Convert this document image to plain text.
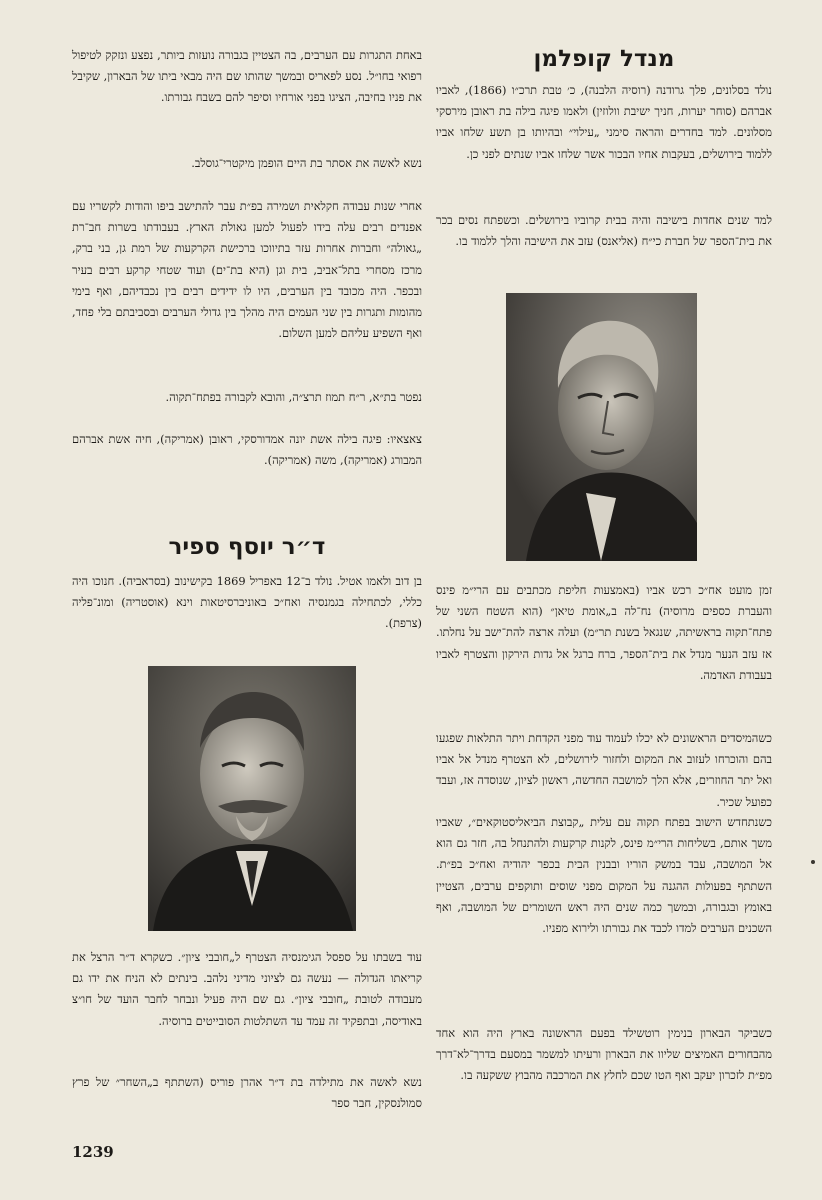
מנדל קופלמן

נולד בסלונים, פלך גרודנה (רוסיה הלבנה), כ׳ טבת תרכ״ו (1866), לאביו אברהם (סוחר יערות, חניך ישיבת וולוזין) ולאמו פיגה בילה בת ראובן מירסקי מסלונים. למד בחדרים והראה סימני „עילוי״ ובהיותו בן תשע שלחו אביו ללמוד בירושלים, בעקבות אחיו הבכור אשר שלחו אביו שנתים לפני כן.

למד שנים אחדות בישיבה והיה בבית קרוביו בירושלים. וכשפתח נסים בכר את בית־הספר של חברת כי״ח (אליאנס) עזב את הישיבה והלך ללמוד בו.

זמן מועט אח״כ רכש אביו (באמצעות חליפת מכתבים עם הרי״מ פינס והעברת כספים מרוסיה) נח־לה ב„אומת טיאן״ (הוא השטח השני של פתח־תקוה בראשיתה, שנגאל בשנת תר״מ) ועלה ארצה להת־ישב על נחלתו. אז עזב הנער מנדל את בית־הספר, ברח ברגל אל גדות הירקון והצטרף לאביו בעבודת האדמה.

כשהמיסדים הראשונים לא יכלו לעמוד עוד מפני הקדחת ויתר התלאות שפגעו בהם והוכרחו לעזוב את המקום ולחזור לירושלים, לא הצטרף מנדל אל אביו ואל יתר החוזרים, אלא הלך למושבה החדשה, ראשון לציון, שנוסדה אז, ועבד כפועל שכיר.

כשנתחדש הישוב בפתח תקוה עם עלית „קבוצת הביאליסטוקאים״, שאביו משך אותם, בשליחות הרי״מ פינס, לקנות קרקעות ולהתנחל בה, חזר גם הוא אל המושבה, עבד במשק הוריו ובבנין הבית בכפר יהודיה ואח״כ בפ״ת. השתתף בפעולות ההגנה על המקום מפני שוסים ותוקפים ערבים, הצטיין באומץ ובגבורה, ובמשך כמה שנים היה ראש השומרים של המושבה, ואף השכנים הערבים למדו לכבד את גבורתו ולירוא מפניו.

כשביקר הבארון בנימין רוטשילד בפעם הראשונה בארץ היה הוא אחד מהבחורים האמיצים שליוו את הבארון ורעיתו למשמר במסעם בדרך־לא־דרך מפ״ת לזכרון יעקב ואף הטו שכם לחלץ את המרכבה מהבוץ ששקעה בו.

באחת התגרות עם הערבים, בה הצטיין בגבורה נועזות ביותר, נפצע ונזקק לטיפול רפואי בחו״ל. נסע לפאריס ובמשך שהותו שם היה מבאי ביתו של הבארון, שקיבל את פניו בחיבה, הציגו בפני אורחיו וסיפר להם בשבח גבורתו.

נשא לאשה את אסתר בת היים הופמן מיקטרי־גוסלב.

אחרי שנות עבודה חקלאית ושמירה בפ״ת עבר להתישב ביפו והודות לקשריו עם אפנדים רבים עלה בידו לפעול למען גאולת הארץ. בעבודתו בשרות חב־רת „גאולה״ וחברות אחרות עזר בתיווכו ברכישת הקרקעות של רמת גן, בני ברק, מרכז מסחרי בתל־אביב, בית וגן (היא בת־ים) ועוד שטחי קרקע רבים בעיר ובכפר. היה מכובד בין הערבים, היו לו ידידים רבים בין נכבדיהם, ואף בימי מהומות ותגרות בין שני העמים היה מהלך בין גדולי הערבים ובסביבתם בלי פחד, ואף השפיע עליהם למען השלום.

נפטר בת״א, ר״ח תמוז תרצ״ה, והובא לקבורה בפתח־תקוה.

צאצאיו: פיגה בילה אשת יונה אמדורסקי, ראובן (אמריקה), חיה אשת אברהם המבורג (אמריקה), משה (אמריקה).

ד״ר יוסף ספיר

בן דוב ולאמו אטיל. נולד ב־12 באפריל 1869 בקישינוב (בסראביה). חנוכו היה כללי, לכתחילה בגמנסיה ואח״כ באוניברסיטאות וינא (אוסטריה) ומונ־פליה (צרפת).

עוד בשבתו על ספסל הגימנסיה הצטרף ל„חובבי ציון״. כשקרא ד״ר הרצל את קריאתו הגדולה — נעשה גם לציוני מדיני נלהב. בינתים לא הניח את ידו גם מעבודה לטובת „חובבי ציון״. גם שם היה פעיל ונבחר לחבר הועד של חו״צ באודיסה, ובתפקיד זה עמד עד השתלטות הסובייטים ברוסיה.

נשא לאשה את מתילדה בת ד״ר אהרן פוריס (השתתף ב„השחר״ של פרץ סמולנסקין, חבר ספר

1239
